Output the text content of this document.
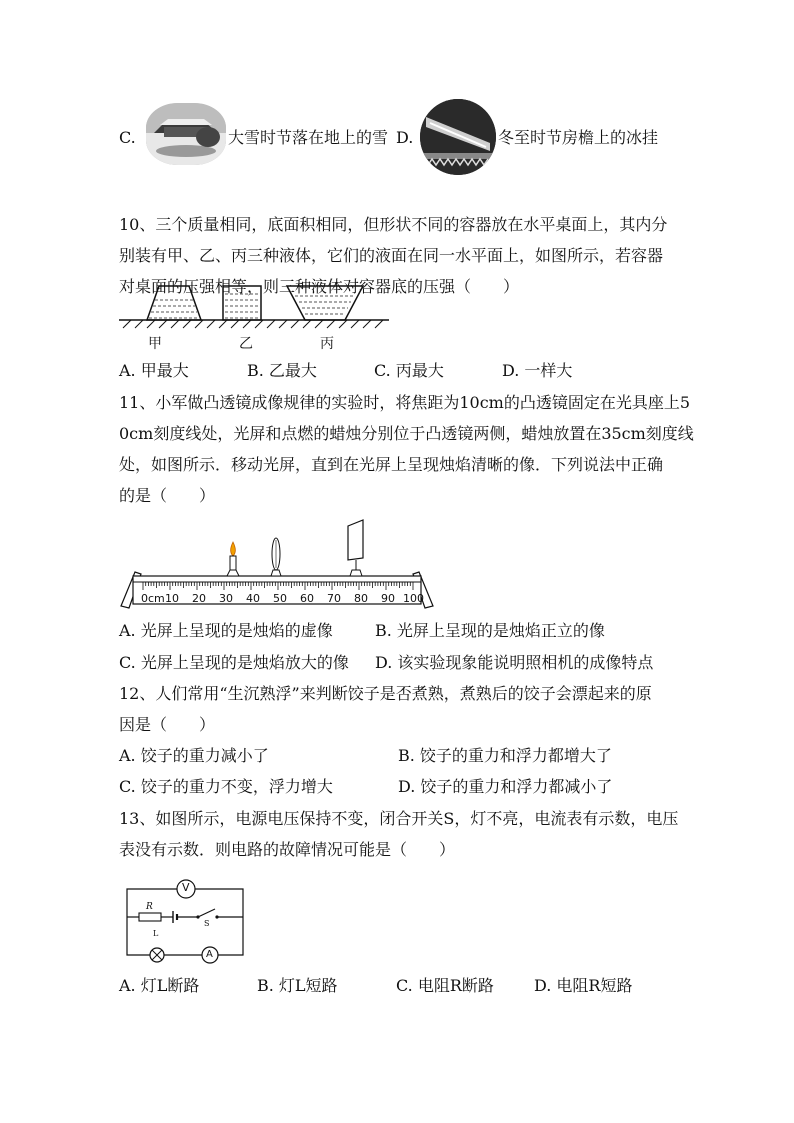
C.	大雪时节落在地上的雪 D.	冬至时节房檐上的冰挂
10、三个质量相同，底面积相同，但形状不同的容器放在水平桌面上，其内分
别装有甲、乙、丙三种液体，它们的液面在同一水平面上，如图所示，若容器
对桌面的压强相等，则三种液体对容器底的压强（　　）
甲	乙	丙
A. 甲最大	B. 乙最大	C. 丙最大	D. 一样大
11、小军做凸透镜成像规律的实验时，将焦距为10cm的凸透镜固定在光具座上5
0cm刻度线处，光屏和点燃的蜡烛分别位于凸透镜两侧，蜡烛放置在35cm刻度线
处，如图所示．移动光屏，直到在光屏上呈现烛焰清晰的像．下列说法中正确
的是（　　）
0cm 10 20 30 40 50 60 70 80 90 100
A. 光屏上呈现的是烛焰的虚像	B. 光屏上呈现的是烛焰正立的像
C. 光屏上呈现的是烛焰放大的像 D. 该实验现象能说明照相机的成像特点
12、人们常用“生沉熟浮”来判断饺子是否煮熟，煮熟后的饺子会漂起来的原
因是（　　）
A. 饺子的重力减小了	B. 饺子的重力和浮力都增大了
C. 饺子的重力不变，浮力增大	D. 饺子的重力和浮力都减小了
13、如图所示，电源电压保持不变，闭合开关S，灯不亮，电流表有示数，电压
表没有示数．则电路的故障情况可能是（　　）
V
R
S
L
A
A. 灯L断路	B. 灯L短路	C. 电阻R断路	D. 电阻R短路
